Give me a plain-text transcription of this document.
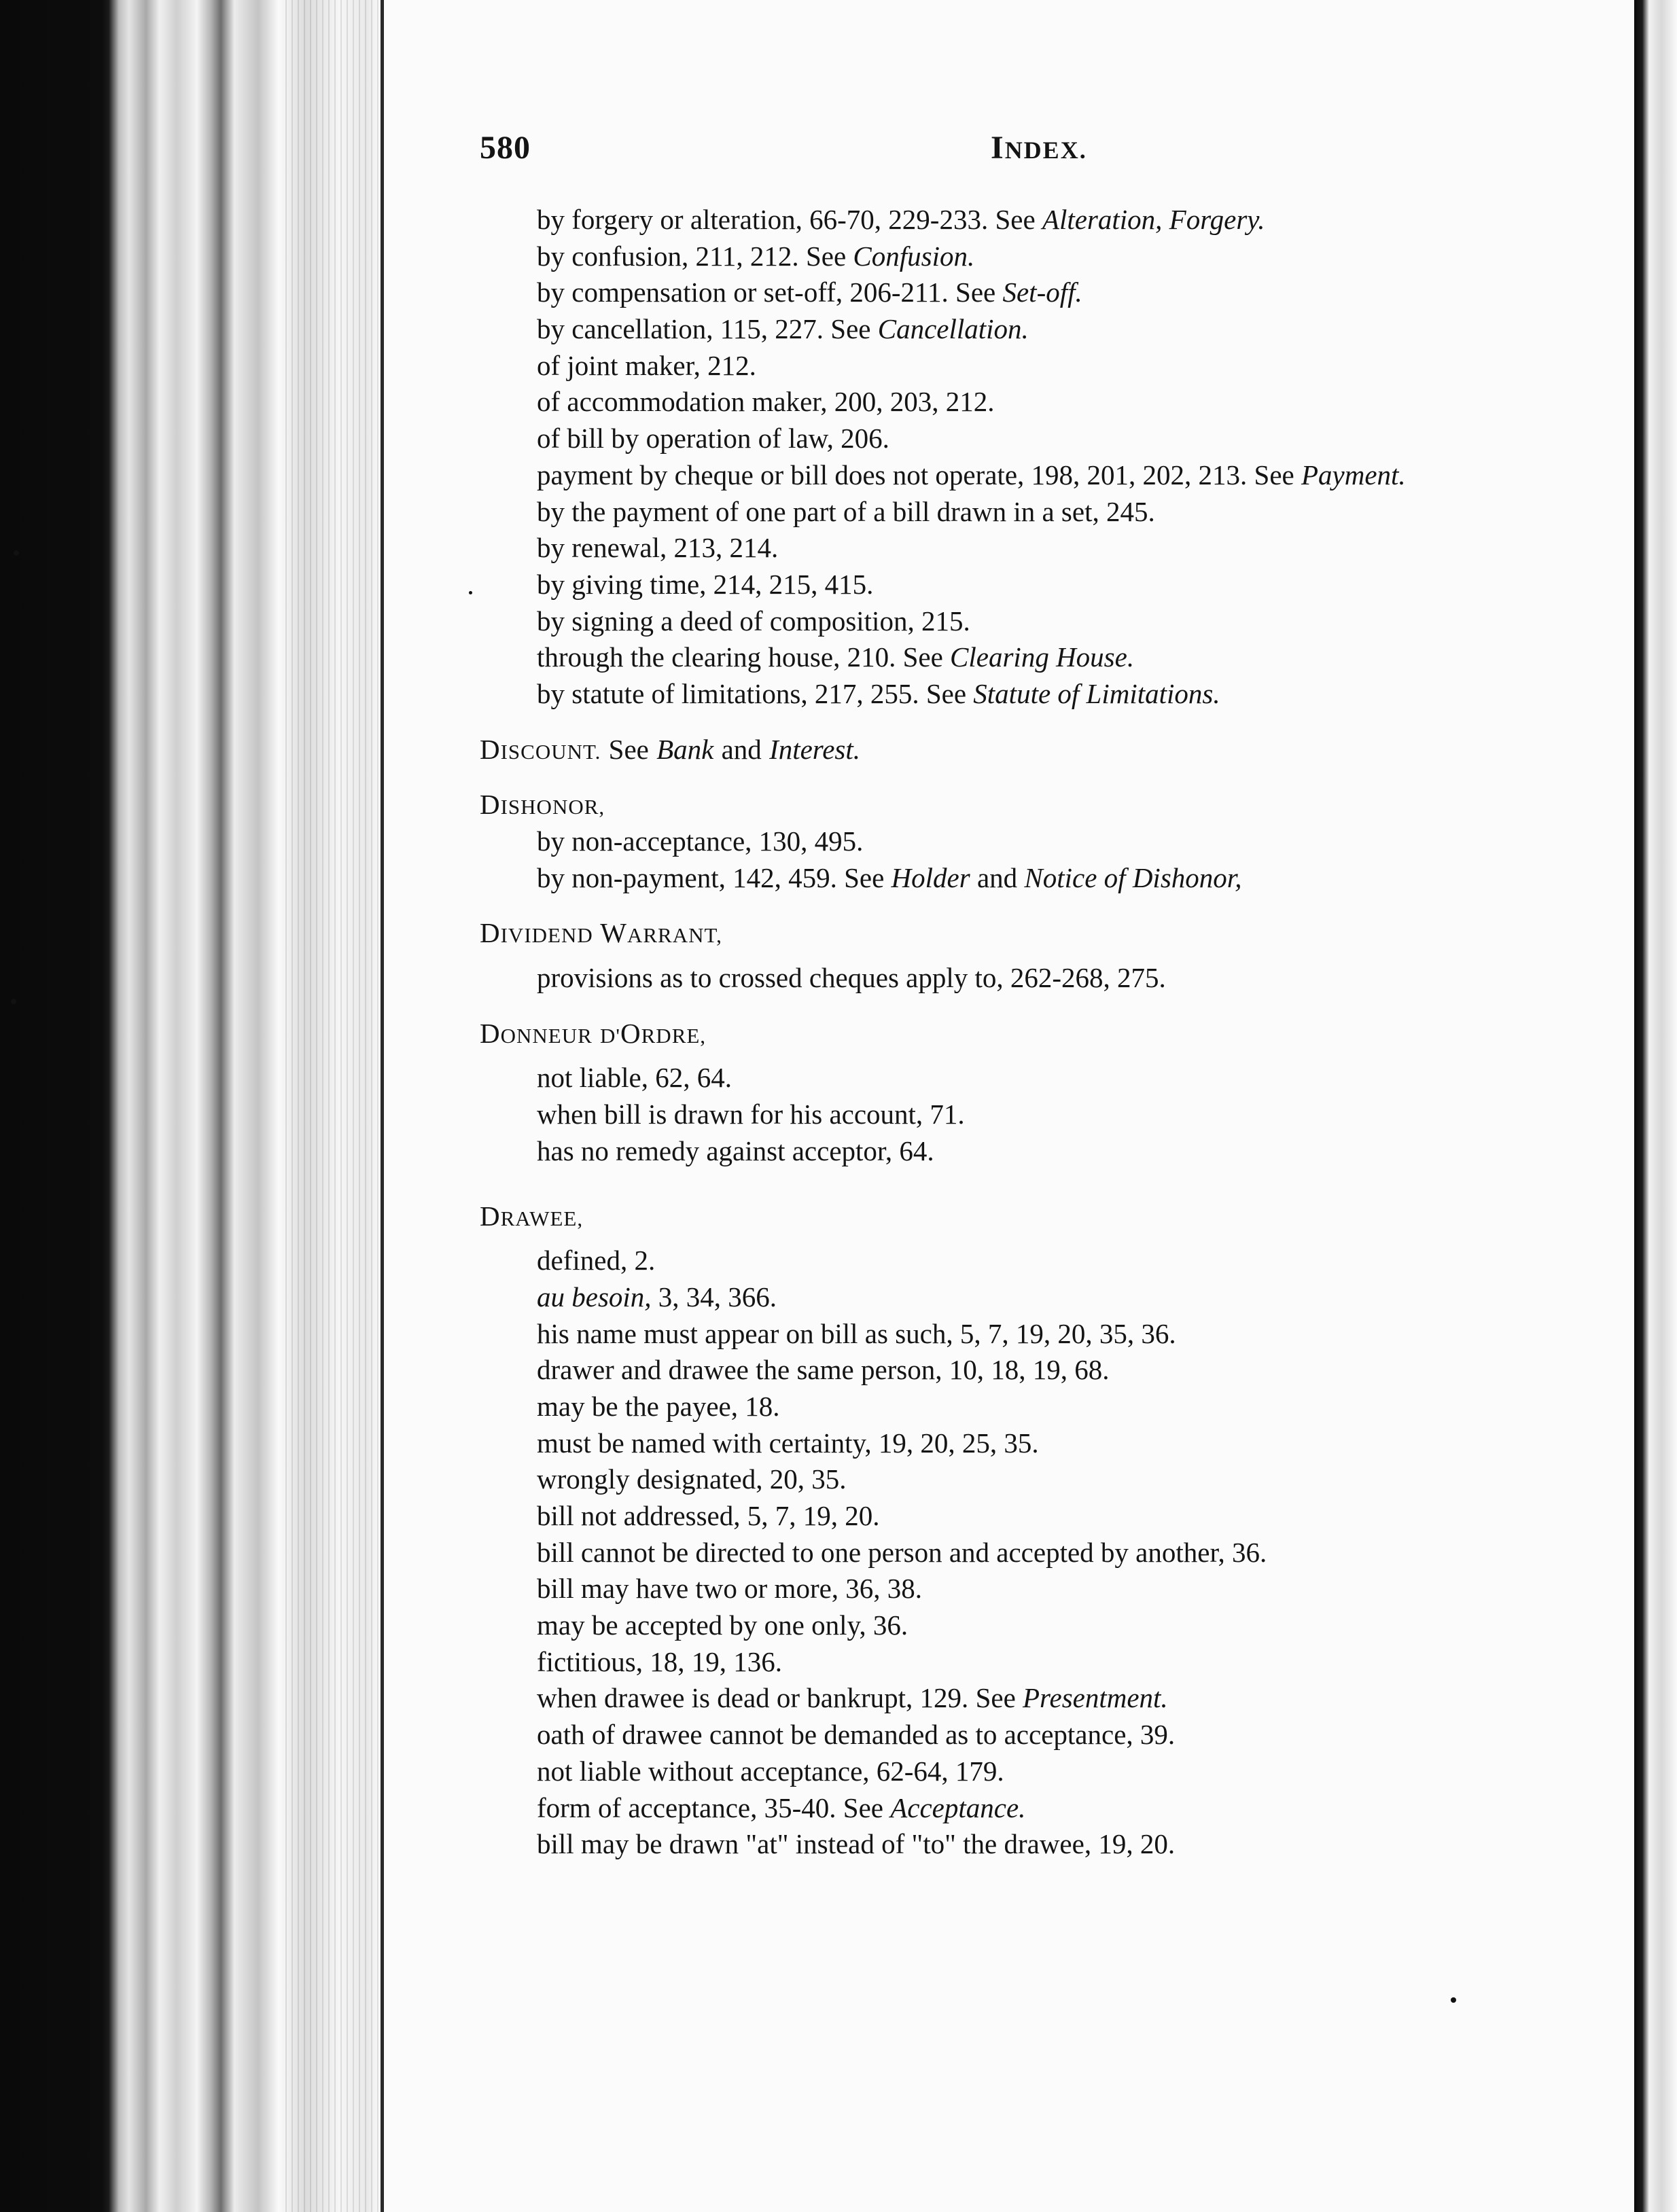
580	INDEX.
by forgery or alteration, 66-70, 229-233. See Alteration, Forgery.
by confusion, 211, 212. See Confusion.
by compensation or set-off, 206-211. See Set-off.
by cancellation, 115, 227. See Cancellation.
of joint maker, 212.
of accommodation maker, 200, 203, 212.
of bill by operation of law, 206.
payment by cheque or bill does not operate, 198, 201, 202, 213. See Payment.
by the payment of one part of a bill drawn in a set, 245.
by renewal, 213, 214.
by giving time, 214, 215, 415.
by signing a deed of composition, 215.
through the clearing house, 210. See Clearing House.
by statute of limitations, 217, 255. See Statute of Limitations.
DISCOUNT. See Bank and Interest.
DISHONOR,
by non-acceptance, 130, 495.
by non-payment, 142, 459. See Holder and Notice of Dishonor,
DIVIDEND WARRANT,
provisions as to crossed cheques apply to, 262-268, 275.
DONNEUR D'ORDRE,
not liable, 62, 64.
when bill is drawn for his account, 71.
has no remedy against acceptor, 64.
DRAWEE,
defined, 2.
au besoin, 3, 34, 366.
his name must appear on bill as such, 5, 7, 19, 20, 35, 36.
drawer and drawee the same person, 10, 18, 19, 68.
may be the payee, 18.
must be named with certainty, 19, 20, 25, 35.
wrongly designated, 20, 35.
bill not addressed, 5, 7, 19, 20.
bill cannot be directed to one person and accepted by another, 36.
bill may have two or more, 36, 38.
may be accepted by one only, 36.
fictitious, 18, 19, 136.
when drawee is dead or bankrupt, 129. See Presentment.
oath of drawee cannot be demanded as to acceptance, 39.
not liable without acceptance, 62-64, 179.
form of acceptance, 35-40. See Acceptance.
bill may be drawn "at" instead of "to" the drawee, 19, 20.
